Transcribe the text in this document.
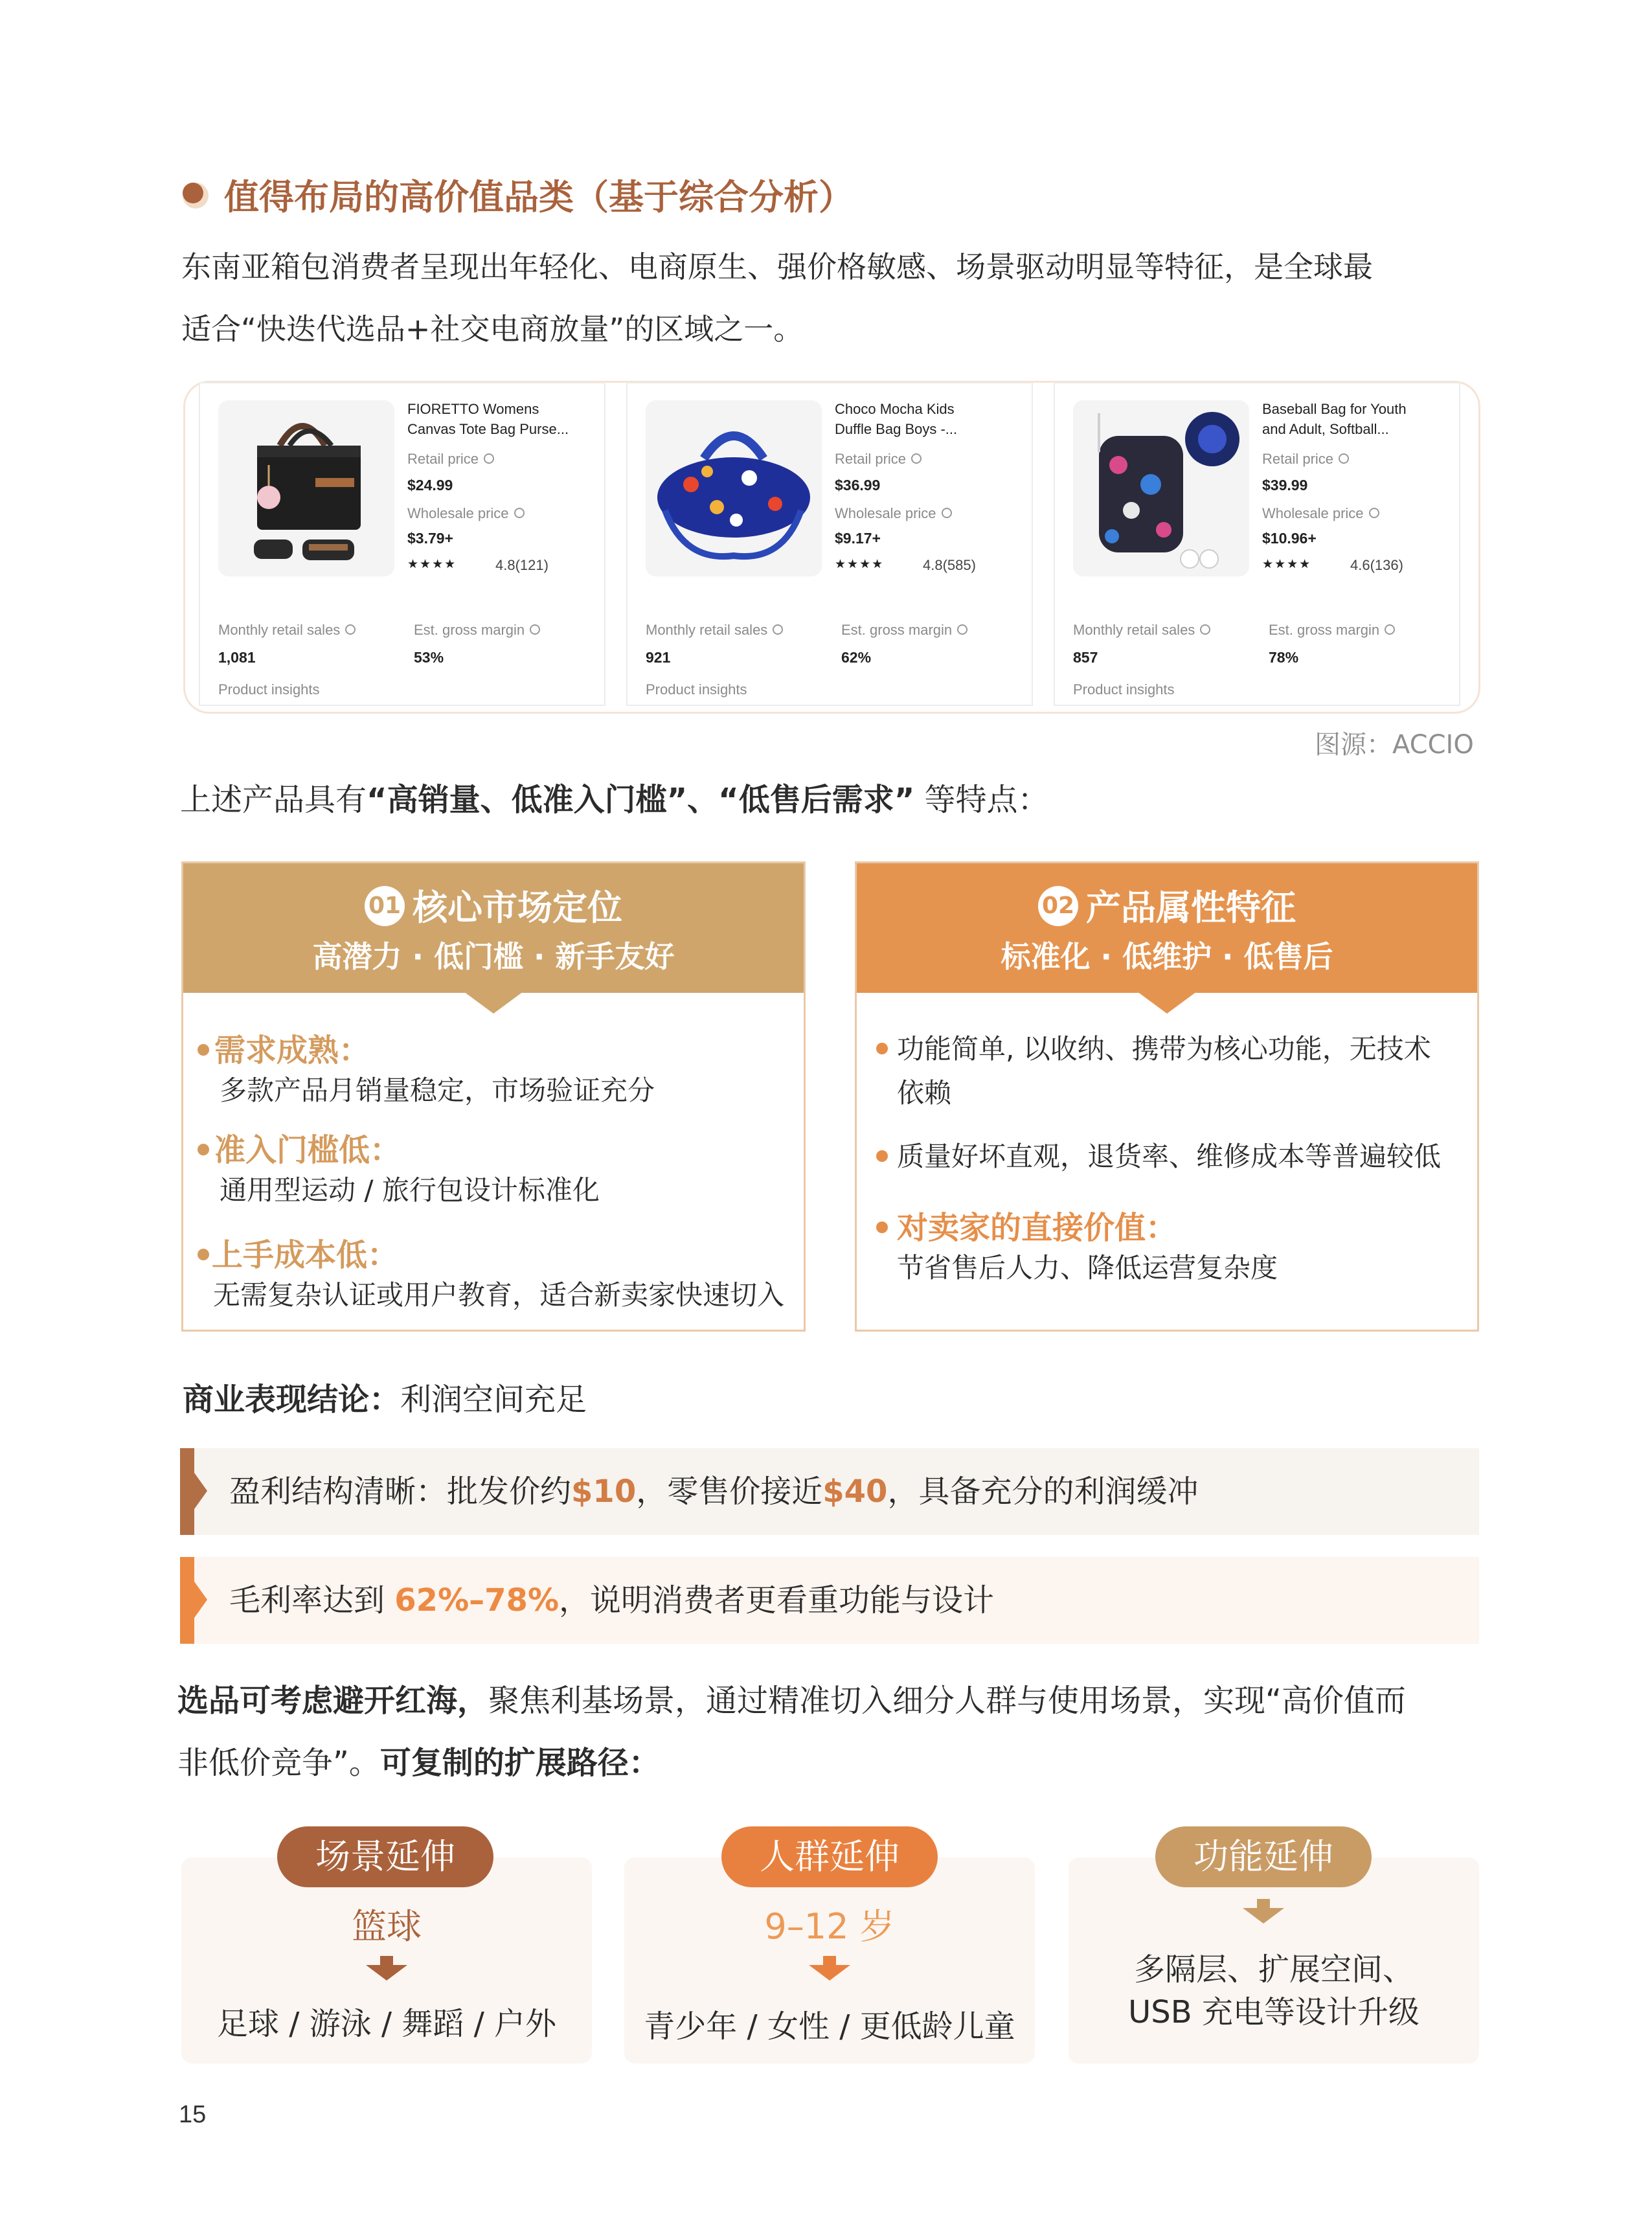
值得布局的高价值品类（基于综合分析）
东南亚箱包消费者呈现出年轻化、电商原生、强价格敏感、场景驱动明显等特征，是全球最
适合“快迭代选品+社交电商放量”的区域之一。
FIORETTO Womens
Canvas Tote Bag Purse...
Retail price
$24.99
Wholesale price
$3.79+
★★★★	4.8(121)
Monthly retail sales	Est. gross margin
1,081	53%
Product insights
Choco Mocha Kids
Duffle Bag Boys -...
Retail price
$36.99
Wholesale price
$9.17+
★★★★	4.8(585)
Monthly retail sales	Est. gross margin
921	62%
Product insights
Baseball Bag for Youth
and Adult, Softball...
Retail price
$39.99
Wholesale price
$10.96+
★★★★	4.6(136)
Monthly retail sales	Est. gross margin
857	78%
Product insights
图源：ACCIO
上述产品具有“高销量、低准入门槛”、“低售后需求” 等特点：
01 核心市场定位
高潜力 · 低门槛 · 新手友好
需求成熟：
多款产品月销量稳定，市场验证充分
准入门槛低：
通用型运动 / 旅行包设计标准化
上手成本低：
无需复杂认证或用户教育，适合新卖家快速切入
02 产品属性特征
标准化 · 低维护 · 低售后
功能简单, 以收纳、携带为核心功能，无技术
依赖
质量好坏直观，退货率、维修成本等普遍较低
对卖家的直接价值：
节省售后人力、降低运营复杂度
商业表现结论：利润空间充足
盈利结构清晰：批发价约$10，零售价接近$40，具备充分的利润缓冲
毛利率达到 62%–78%，说明消费者更看重功能与设计
选品可考虑避开红海，聚焦利基场景，通过精准切入细分人群与使用场景，实现“高价值而
非低价竞争”。可复制的扩展路径：
场景延伸
篮球
足球 / 游泳 / 舞蹈 / 户外
人群延伸
9–12 岁
青少年 / 女性 / 更低龄儿童
功能延伸
多隔层、扩展空间、
USB 充电等设计升级
15
